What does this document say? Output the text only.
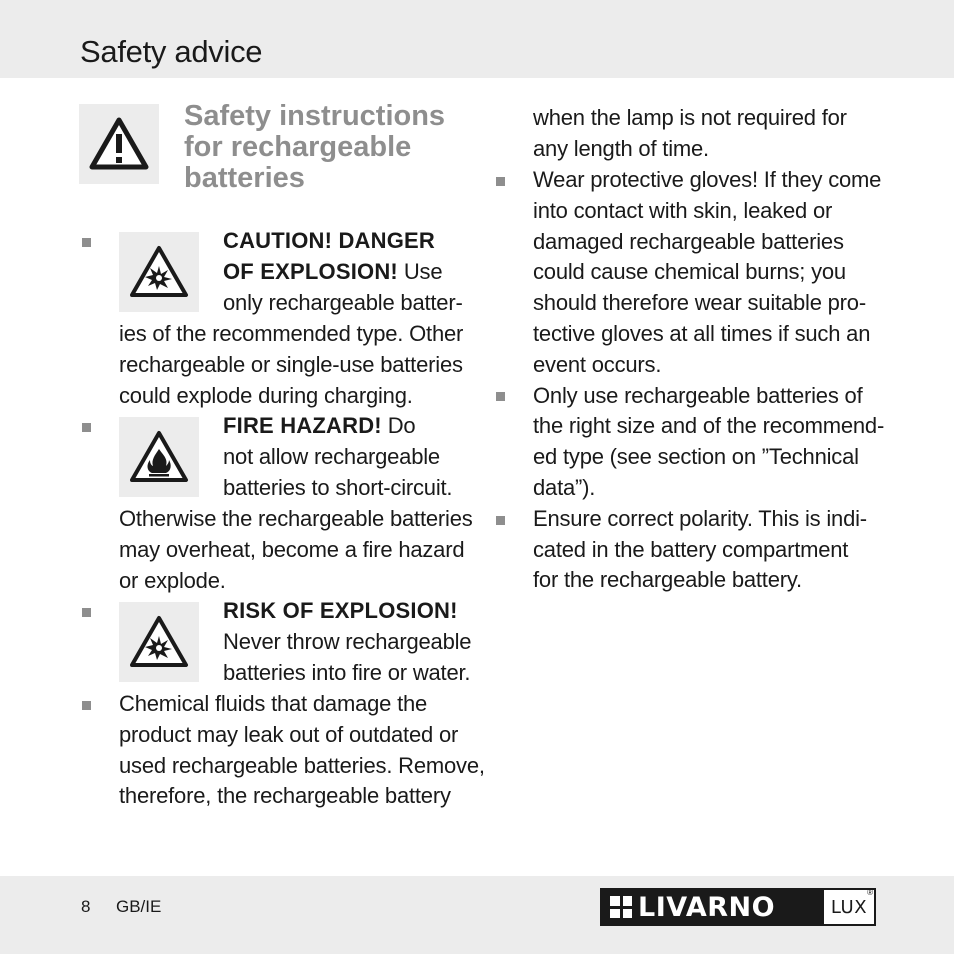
Safety advice
Safety instructions
for rechargeable
batteries
CAUTION! DANGER
OF EXPLOSION! Use
only rechargeable batter-
ies of the recommended type. Other
rechargeable or single-use batteries
could explode during charging.
FIRE HAZARD! Do
not allow rechargeable
batteries to short-circuit.
Otherwise the rechargeable batteries
may overheat, become a fire hazard
or explode.
RISK OF EXPLOSION!
Never throw rechargeable
batteries into fire or water.
Chemical fluids that damage the
product may leak out of outdated or
used rechargeable batteries. Remove,
therefore, the rechargeable battery
when the lamp is not required for
any length of time.
Wear protective gloves! If they come
into contact with skin, leaked or
damaged rechargeable batteries
could cause chemical burns; you
should therefore wear suitable pro-
tective gloves at all times if such an
event occurs.
Only use rechargeable batteries of
the right size and of the recommend-
ed type (see section on ”Technical
data”).
Ensure correct polarity. This is indi-
cated in the battery compartment
for the rechargeable battery.
8 GB/IE	LIVARNO	LUX
®
